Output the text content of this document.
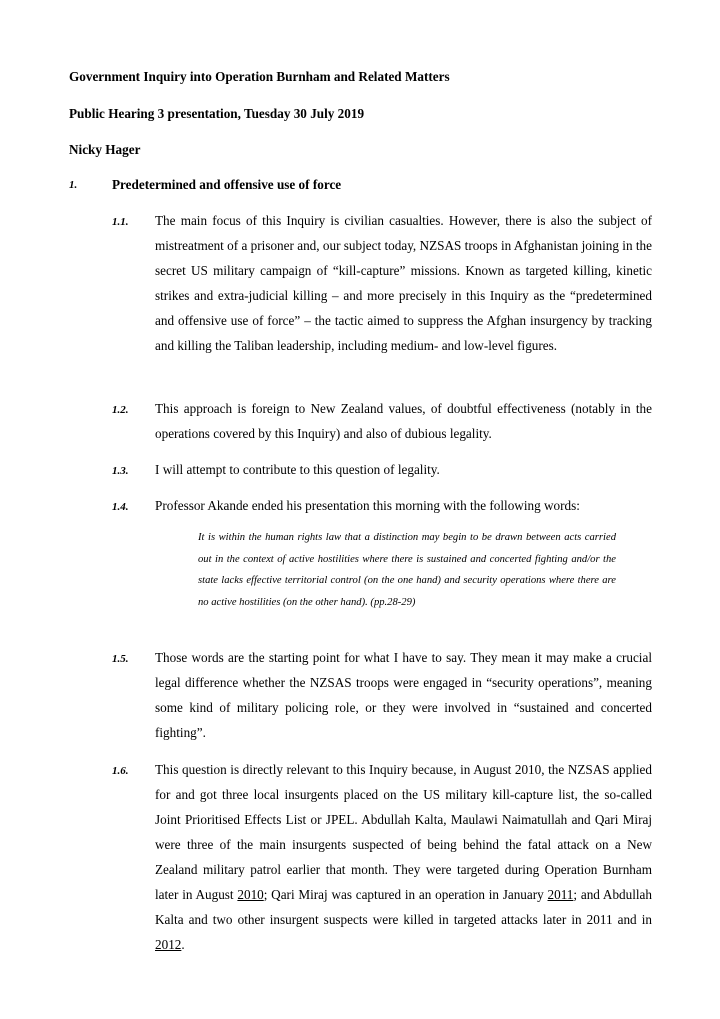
Government Inquiry into Operation Burnham and Related Matters
Public Hearing 3 presentation, Tuesday 30 July 2019
Nicky Hager
1.	Predetermined and offensive use of force
1.1. The main focus of this Inquiry is civilian casualties. However, there is also the subject of mistreatment of a prisoner and, our subject today, NZSAS troops in Afghanistan joining in the secret US military campaign of “kill-capture” missions. Known as targeted killing, kinetic strikes and extra-judicial killing – and more precisely in this Inquiry as the “predetermined and offensive use of force” – the tactic aimed to suppress the Afghan insurgency by tracking and killing the Taliban leadership, including medium- and low-level figures.
1.2. This approach is foreign to New Zealand values, of doubtful effectiveness (notably in the operations covered by this Inquiry) and also of dubious legality.
1.3. I will attempt to contribute to this question of legality.
1.4. Professor Akande ended his presentation this morning with the following words:
It is within the human rights law that a distinction may begin to be drawn between acts carried out in the context of active hostilities where there is sustained and concerted fighting and/or the state lacks effective territorial control (on the one hand) and security operations where there are no active hostilities (on the other hand). (pp.28-29)
1.5. Those words are the starting point for what I have to say. They mean it may make a crucial legal difference whether the NZSAS troops were engaged in “security operations”, meaning some kind of military policing role, or they were involved in “sustained and concerted fighting”.
1.6. This question is directly relevant to this Inquiry because, in August 2010, the NZSAS applied for and got three local insurgents placed on the US military kill-capture list, the so-called Joint Prioritised Effects List or JPEL. Abdullah Kalta, Maulawi Naimatullah and Qari Miraj were three of the main insurgents suspected of being behind the fatal attack on a New Zealand military patrol earlier that month. They were targeted during Operation Burnham later in August 2010; Qari Miraj was captured in an operation in January 2011; and Abdullah Kalta and two other insurgent suspects were killed in targeted attacks later in 2011 and in 2012.
